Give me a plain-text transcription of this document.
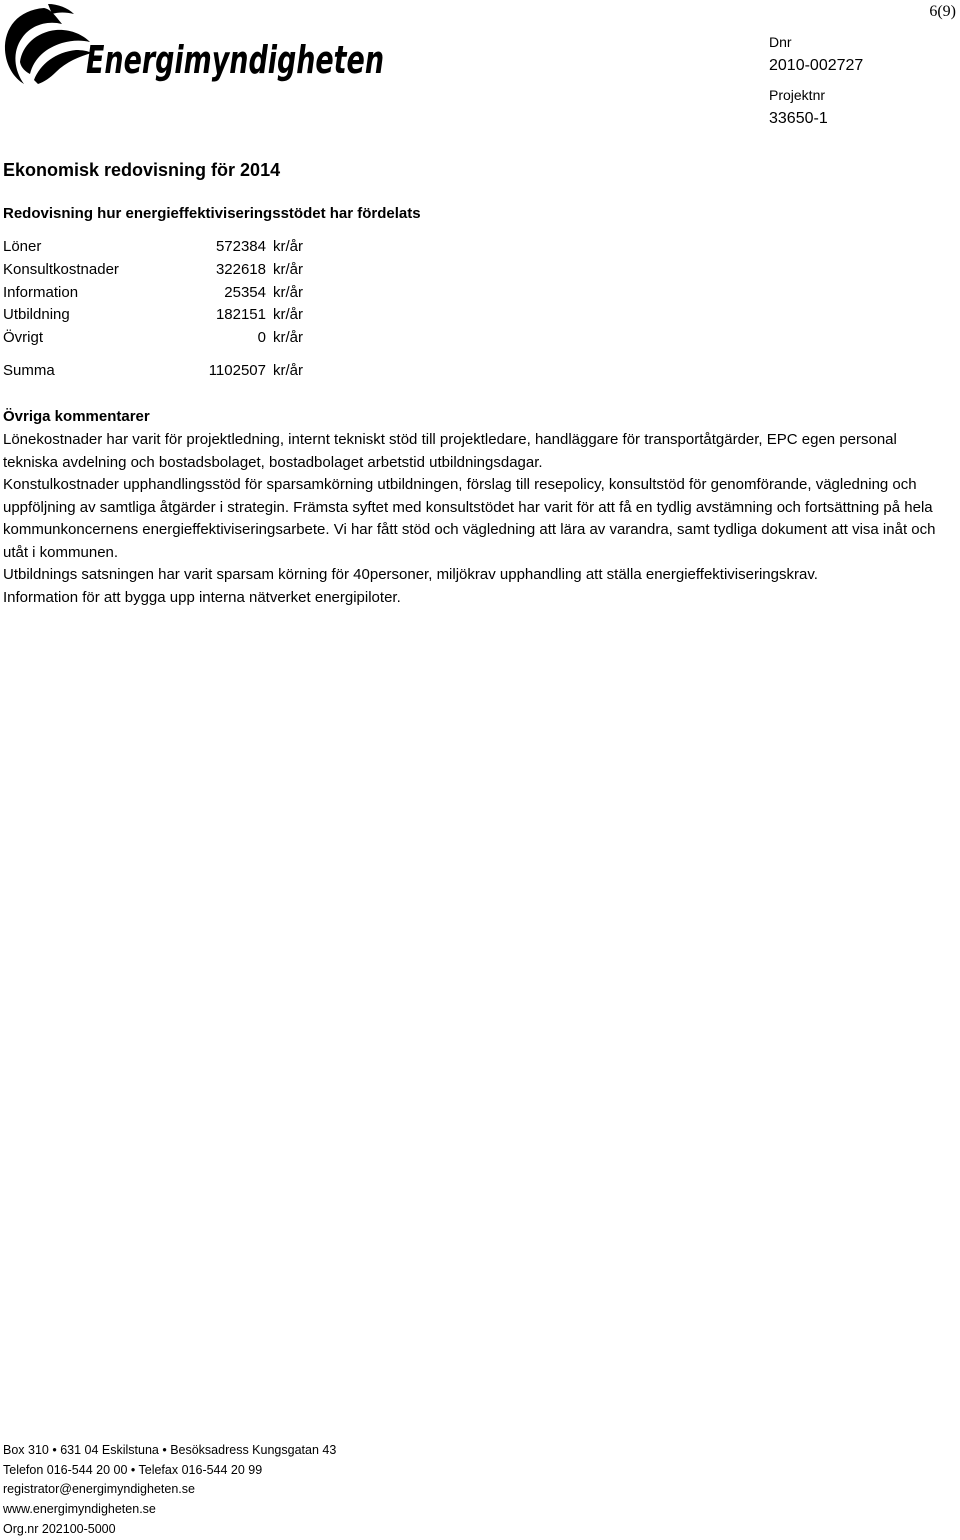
Energimyndigheten
6(9)
Dnr
2010-002727
Projektnr
33650-1
Ekonomisk redovisning för 2014
Redovisning hur energieffektiviseringsstödet har fördelats
Löner	572384 kr/år
Konsultkostnader	322618 kr/år
Information	25354 kr/år
Utbildning	182151 kr/år
Övrigt	0 kr/år
Summa	1102507 kr/år
Övriga kommentarer

Lönekostnader har varit för projektledning, internt tekniskt stöd till projektledare, handläggare för transportåtgärder, EPC egen personal tekniska avdelning och bostadsbolaget, bostadbolaget arbetstid utbildningsdagar.

Konstulkostnader upphandlingsstöd för sparsamkörning utbildningen, förslag till resepolicy, konsultstöd för genomförande, vägledning och uppföljning av samtliga åtgärder i strategin. Främsta syftet med konsultstödet har varit för att få en tydlig avstämning och fortsättning på hela kommunkoncernens energieffektiviseringsarbete. Vi har fått stöd och vägledning att lära av varandra, samt tydliga dokument att visa inåt och utåt i kommunen.

Utbildnings satsningen har varit sparsam körning för 40personer, miljökrav upphandling att ställa energieffektiviseringskrav.

Information för att bygga upp interna nätverket energipiloter.

Box 310 • 631 04 Eskilstuna • Besöksadress Kungsgatan 43
Telefon 016-544 20 00 • Telefax 016-544 20 99
registrator@energimyndigheten.se
www.energimyndigheten.se
Org.nr 202100-5000
